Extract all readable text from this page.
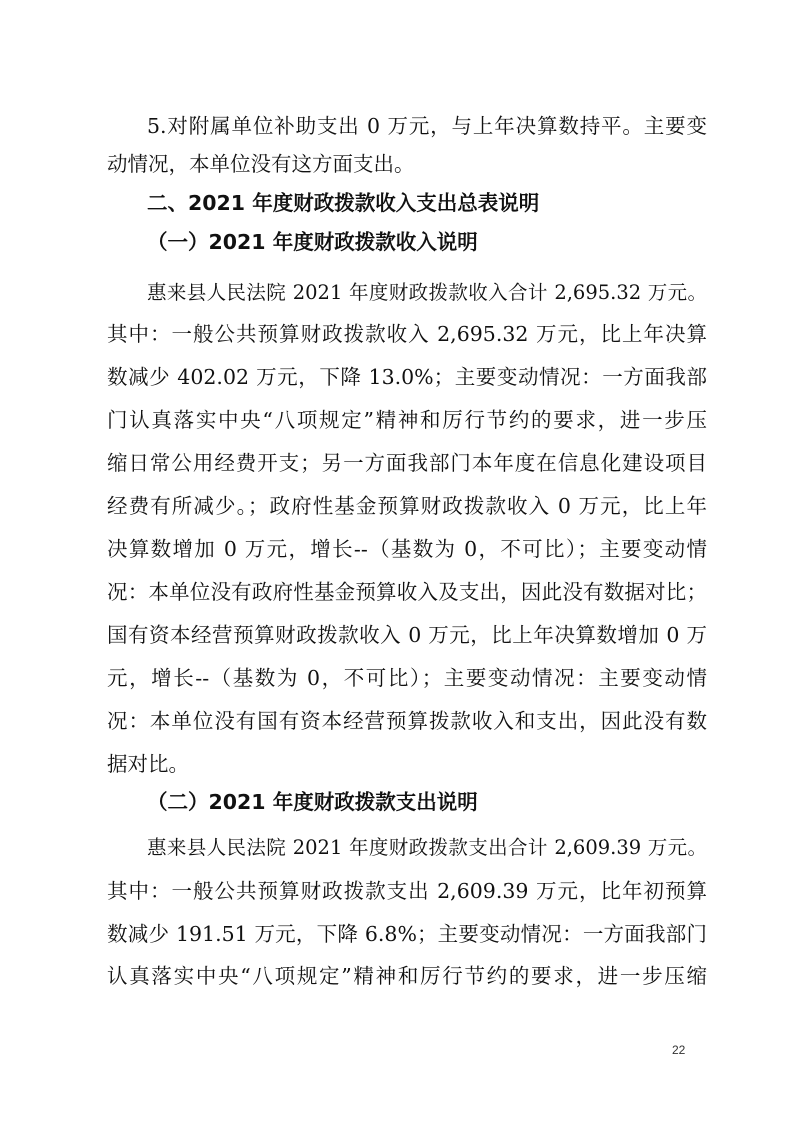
5.对附属单位补助支出 0 万元，与上年决算数持平。主要变
动情况，本单位没有这方面支出。
二、2021 年度财政拨款收入支出总表说明
（一）2021 年度财政拨款收入说明
惠来县人民法院 2021 年度财政拨款收入合计 2,695.32 万元。
其中：一般公共预算财政拨款收入 2,695.32 万元，比上年决算
数减少 402.02 万元，下降 13.0%；主要变动情况：一方面我部
门认真落实中央“八项规定”精神和厉行节约的要求，进一步压
缩日常公用经费开支；另一方面我部门本年度在信息化建设项目
经费有所减少。；政府性基金预算财政拨款收入 0 万元，比上年
决算数增加 0 万元，增长--（基数为 0，不可比）；主要变动情
况：本单位没有政府性基金预算收入及支出，因此没有数据对比；
国有资本经营预算财政拨款收入 0 万元，比上年决算数增加 0 万
元，增长--（基数为 0，不可比）；主要变动情况：主要变动情
况：本单位没有国有资本经营预算拨款收入和支出，因此没有数
据对比。
（二）2021 年度财政拨款支出说明
惠来县人民法院 2021 年度财政拨款支出合计 2,609.39 万元。
其中：一般公共预算财政拨款支出 2,609.39 万元，比年初预算
数减少 191.51 万元，下降 6.8%；主要变动情况：一方面我部门
认真落实中央“八项规定”精神和厉行节约的要求，进一步压缩
22
